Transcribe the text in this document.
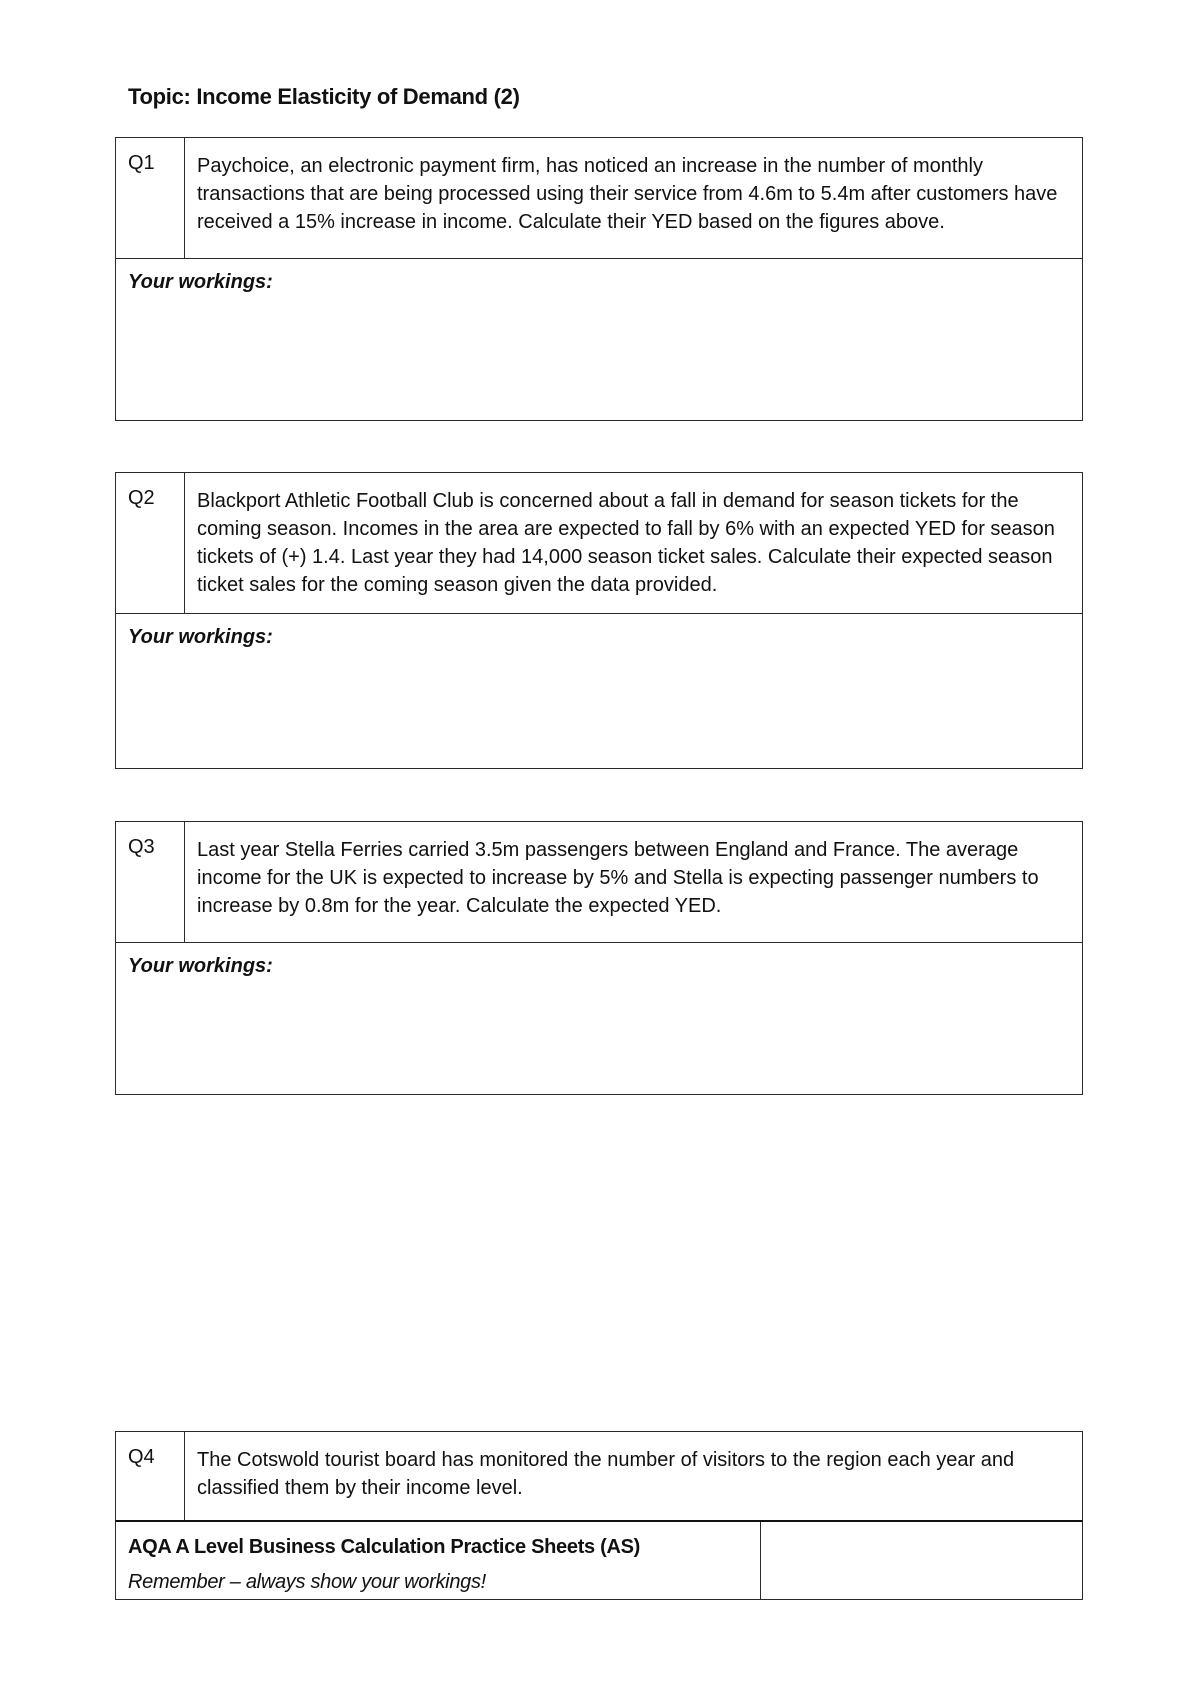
Topic: Income Elasticity of Demand (2)
Q1	Paychoice, an electronic payment firm, has noticed an increase in the number of monthly transactions that are being processed using their service from 4.6m to 5.4m after customers have received a 15% increase in income. Calculate their YED based on the figures above.
Your workings:
Q2	Blackport Athletic Football Club is concerned about a fall in demand for season tickets for the coming season. Incomes in the area are expected to fall by 6% with an expected YED for season tickets of (+) 1.4. Last year they had 14,000 season ticket sales. Calculate their expected season ticket sales for the coming season given the data provided.
Your workings:
Q3	Last year Stella Ferries carried 3.5m passengers between England and France. The average income for the UK is expected to increase by 5% and Stella is expecting passenger numbers to increase by 0.8m for the year. Calculate the expected YED.
Your workings:
Q4	The Cotswold tourist board has monitored the number of visitors to the region each year and classified them by their income level.
AQA A Level Business Calculation Practice Sheets (AS)
Remember – always show your workings!
